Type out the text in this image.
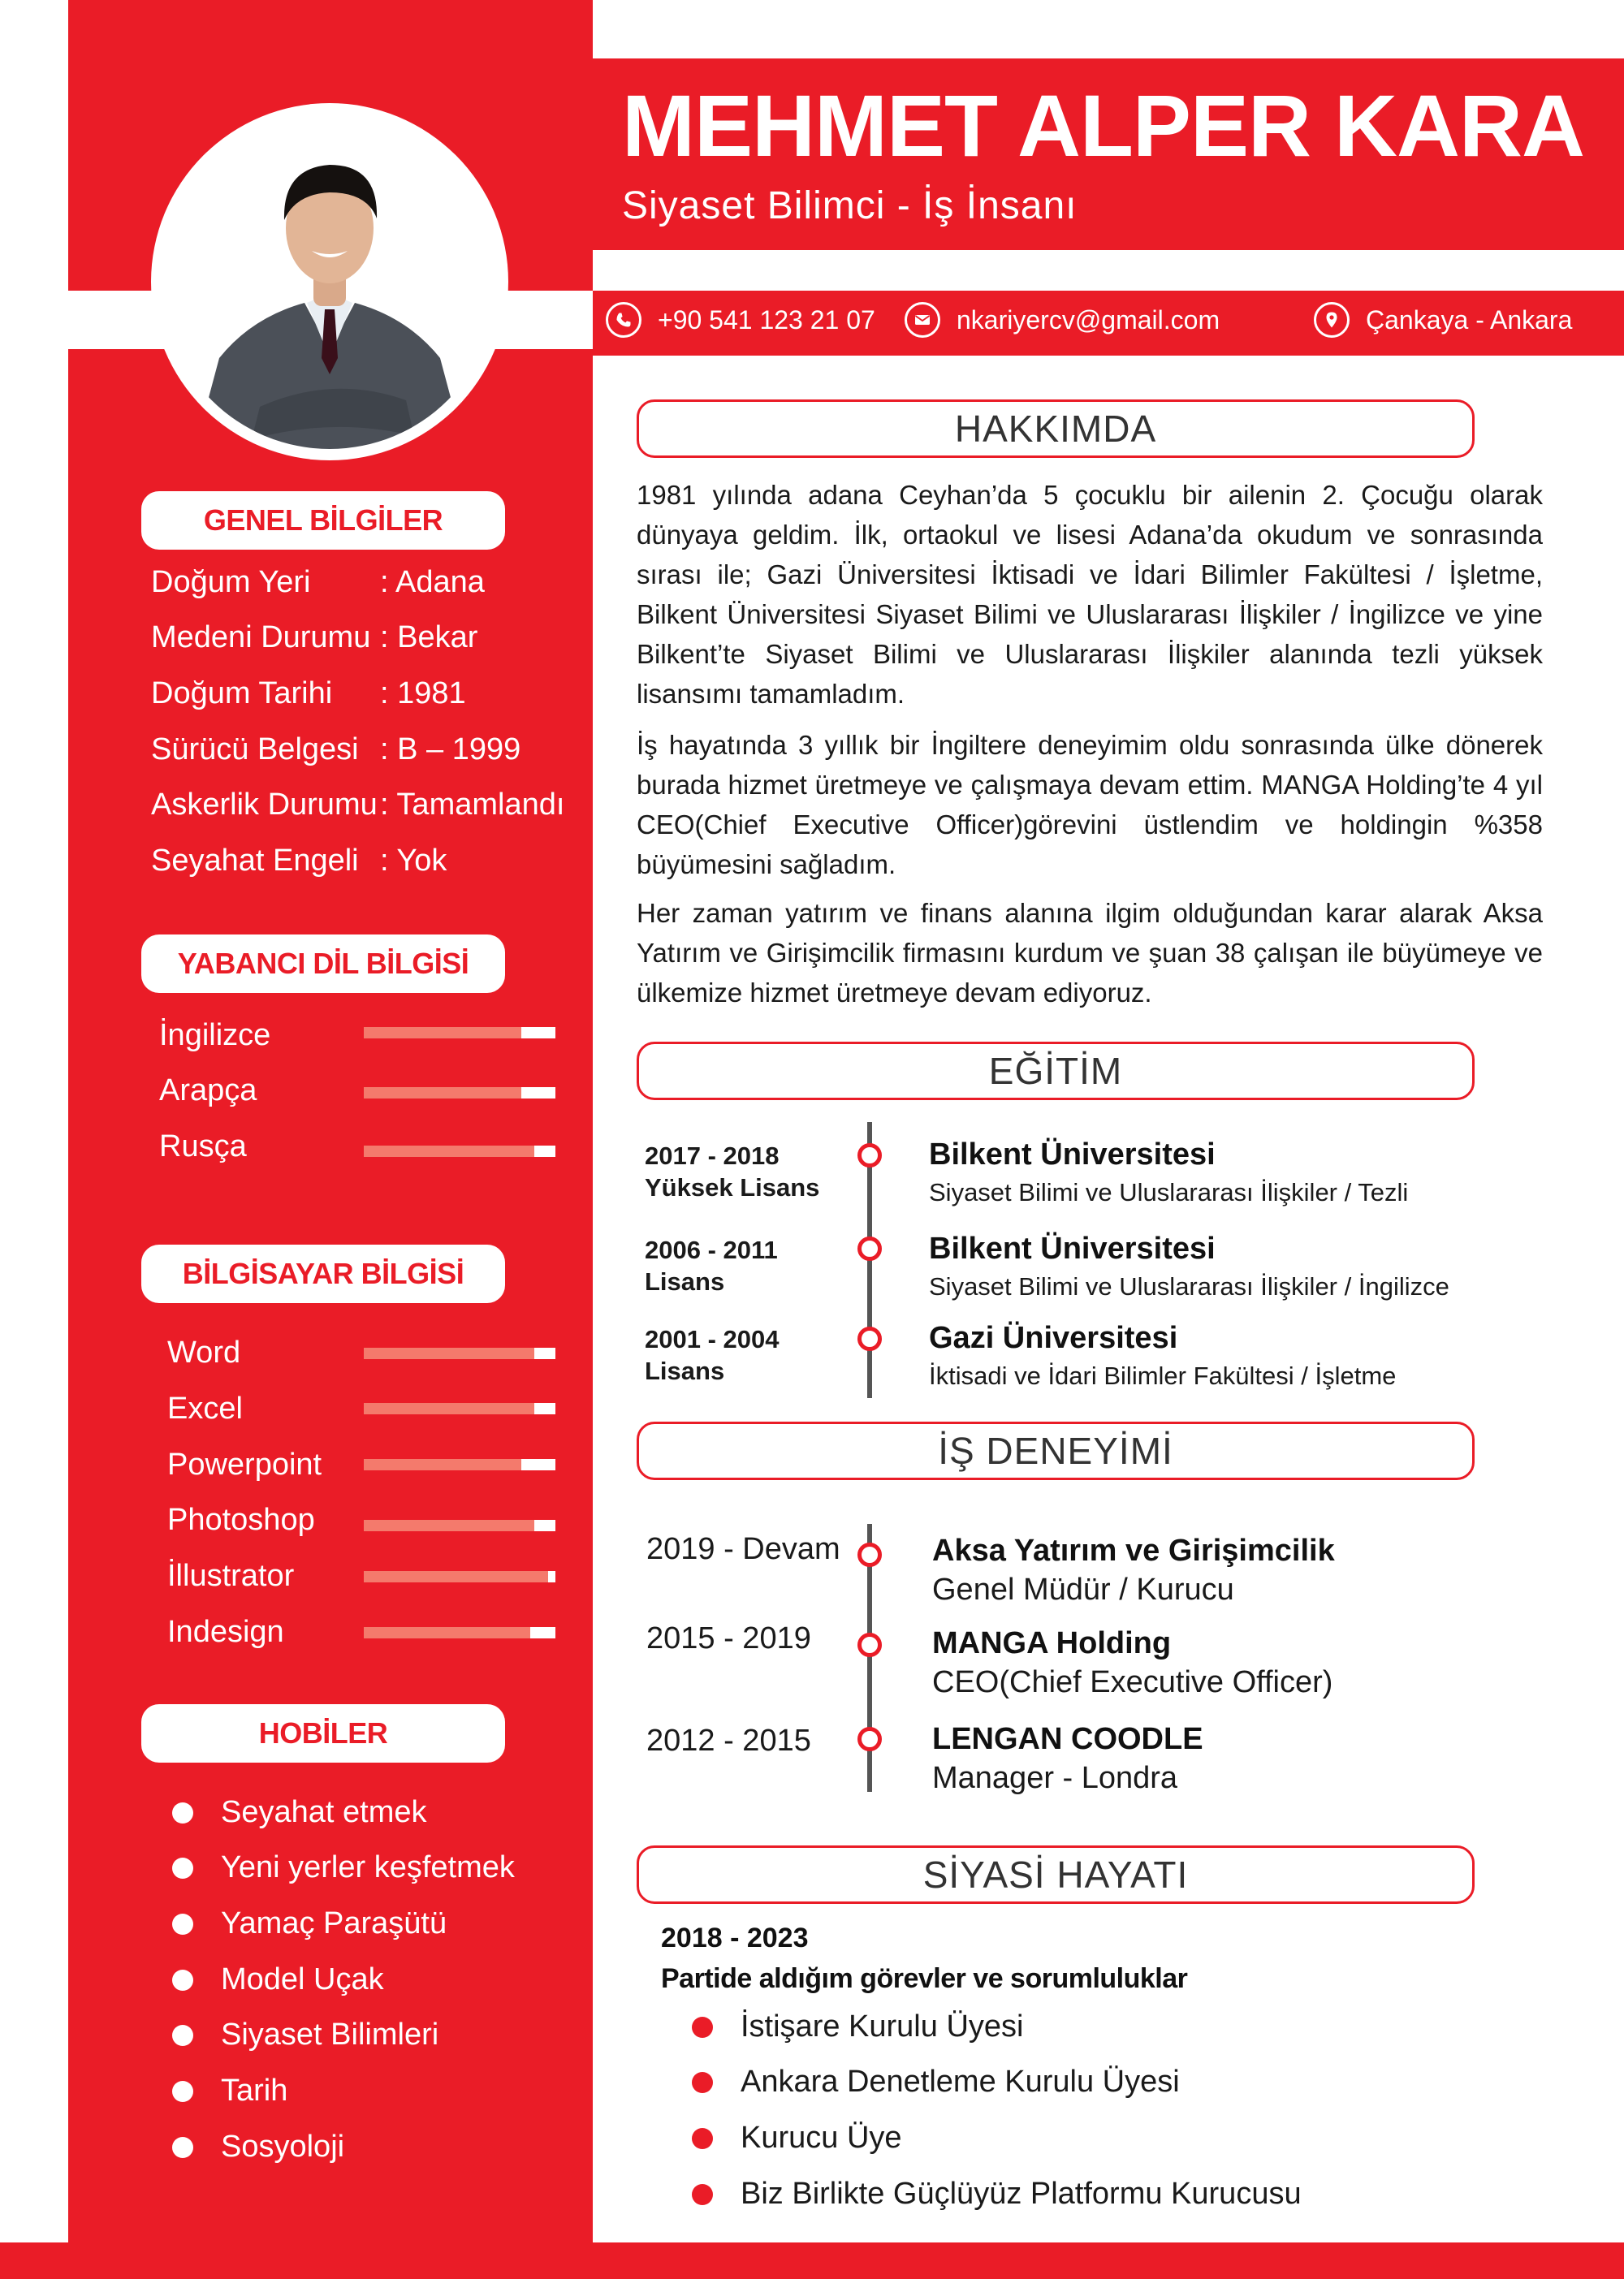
MEHMET ALPER KARA
Siyaset Bilimci - İş İnsanı
+90 541 123 21 07	nkariyercv@gmail.com	Çankaya - Ankara
GENEL BİLGİLER
Doğum Yeri : Adana
Medeni Durumu : Bekar
Doğum Tarihi : 1981
Sürücü Belgesi : B – 1999
Askerlik Durumu: Tamamlandı
Seyahat Engeli : Yok
YABANCI DİL BİLGİSİ
İngilizce
Arapça
Rusça
BİLGİSAYAR BİLGİSİ
Word
Excel
Powerpoint
Photoshop
İllustrator
Indesign
HOBİLER
Seyahat etmek
Yeni yerler keşfetmek
Yamaç Paraşütü
Model Uçak
Siyaset Bilimleri
Tarih
Sosyoloji
HAKKIMDA

1981 yılında adana Ceyhan’da 5 çocuklu bir ailenin 2. Çocuğu olarak dünyaya geldim. İlk, ortaokul ve lisesi Adana’da okudum ve sonrasında sırası ile; Gazi Üniversitesi İktisadi ve İdari Bilimler Fakültesi / İşletme, Bilkent Üniversitesi Siyaset Bilimi ve Uluslararası İlişkiler / İngilizce ve yine Bilkent’te Siyaset Bilimi ve Uluslararası İlişkiler alanında tezli yüksek lisansımı tamamladım.

İş hayatında 3 yıllık bir İngiltere deneyimim oldu sonrasında ülke dönerek burada hizmet üretmeye ve çalışmaya devam ettim. MANGA Holding’te 4 yıl CEO(Chief Executive Officer)görevini üstlendim ve holdingin %358 büyümesini sağladım.

Her zaman yatırım ve finans alanına ilgim olduğundan karar alarak Aksa Yatırım ve Girişimcilik firmasını kurdum ve şuan 38 çalışan ile büyümeye ve ülkemize hizmet üretmeye devam ediyoruz.

EĞİTİM
2017 - 2018
Yüksek Lisans
Bilkent Üniversitesi
Siyaset Bilimi ve Uluslararası İlişkiler / Tezli
2006 - 2011
Lisans
Bilkent Üniversitesi
Siyaset Bilimi ve Uluslararası İlişkiler / İngilizce
2001 - 2004
Lisans
Gazi Üniversitesi
İktisadi ve İdari Bilimler Fakültesi / İşletme
İŞ DENEYİMİ
2019 - Devam	Aksa Yatırım ve Girişimcilik
Genel Müdür / Kurucu
2015 - 2019	MANGA Holding
CEO(Chief Executive Officer)
2012 - 2015	LENGAN COODLE
Manager - Londra
SİYASİ HAYATI
2018 - 2023
Partide aldığım görevler ve sorumluluklar
İstişare Kurulu Üyesi
Ankara Denetleme Kurulu Üyesi
Kurucu Üye
Biz Birlikte Güçlüyüz Platformu Kurucusu
